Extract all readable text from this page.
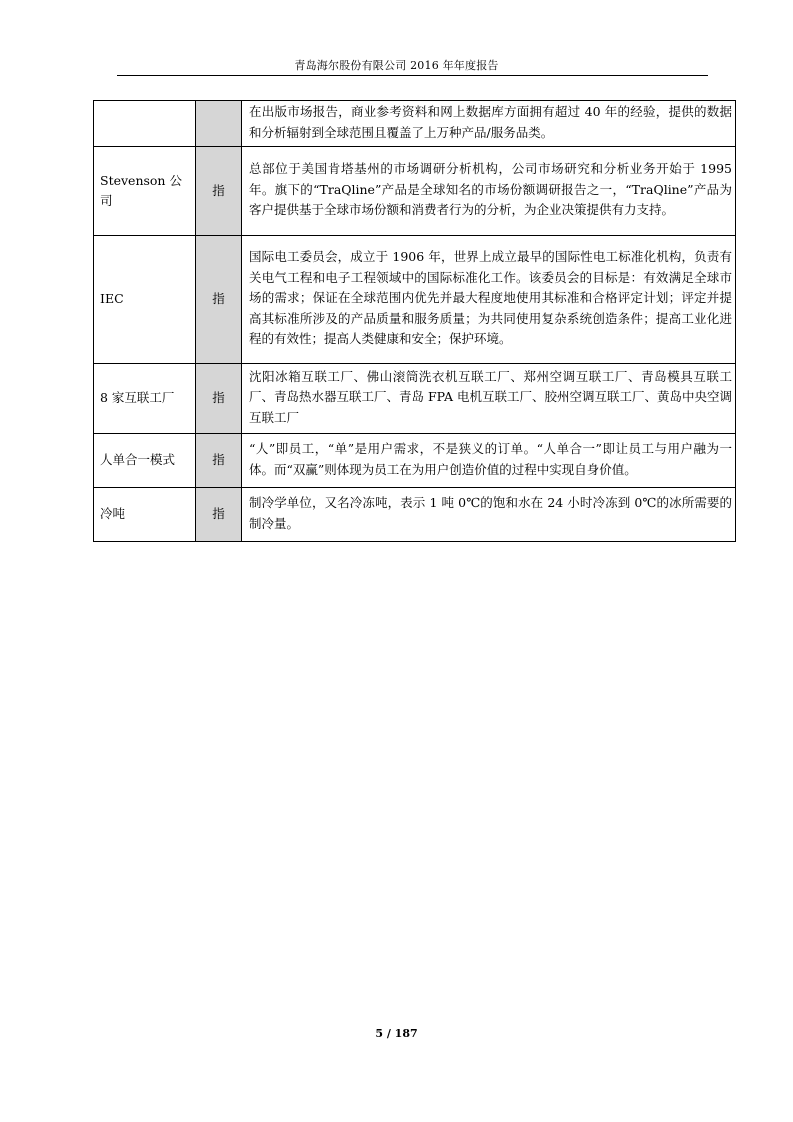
青岛海尔股份有限公司 2016 年年度报告
		在出版市场报告，商业参考资料和网上数据库方面拥有超过 40 年的经验，提供的数据和分析辐射到全球范围且覆盖了上万种产品/服务品类。
Stevenson 公司	指	总部位于美国肯塔基州的市场调研分析机构，公司市场研究和分析业务开始于 1995 年。旗下的“TraQline”产品是全球知名的市场份额调研报告之一，“TraQline”产品为客户提供基于全球市场份额和消费者行为的分析，为企业决策提供有力支持。
IEC	指	国际电工委员会，成立于 1906 年，世界上成立最早的国际性电工标准化机构，负责有关电气工程和电子工程领域中的国际标准化工作。该委员会的目标是：有效满足全球市场的需求；保证在全球范围内优先并最大程度地使用其标准和合格评定计划；评定并提高其标准所涉及的产品质量和服务质量；为共同使用复杂系统创造条件；提高工业化进程的有效性；提高人类健康和安全；保护环境。
8 家互联工厂	指	沈阳冰箱互联工厂、佛山滚筒洗衣机互联工厂、郑州空调互联工厂、青岛模具互联工厂、青岛热水器互联工厂、青岛 FPA 电机互联工厂、胶州空调互联工厂、黄岛中央空调互联工厂
人单合一模式	指	“人”即员工，“单”是用户需求，不是狭义的订单。“人单合一”即让员工与用户融为一体。而“双赢”则体现为员工在为用户创造价值的过程中实现自身价值。
冷吨	指	制冷学单位，又名冷冻吨，表示 1 吨 0℃的饱和水在 24 小时冷冻到 0℃的冰所需要的制冷量。
5 / 187
